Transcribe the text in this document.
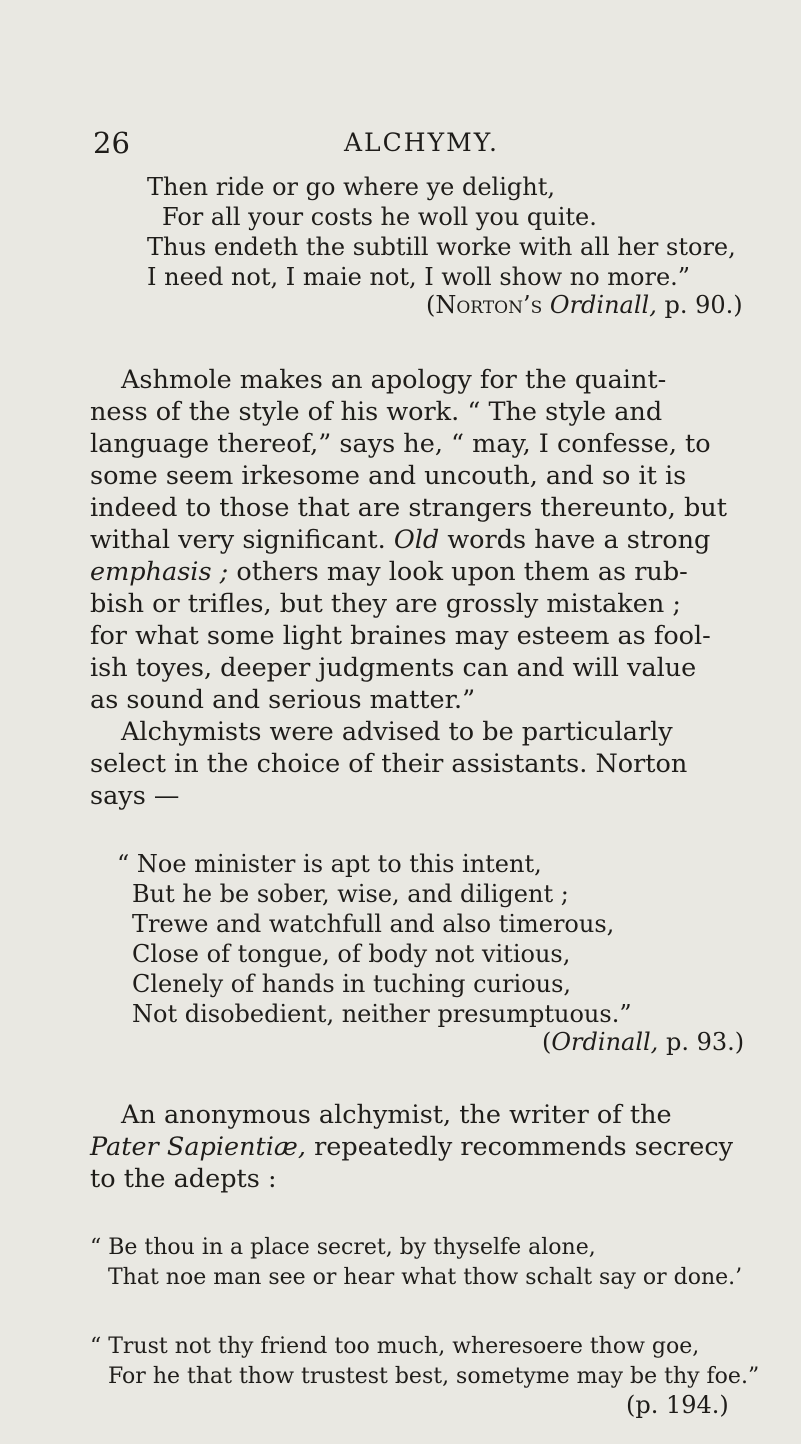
26	ALCHYMY.
Then ride or go where ye delight,
For all your costs he woll you quite.
Thus endeth the subtill worke with all her store,
I need not, I maie not, I woll show no more.”
(Norton’s Ordinall, p. 90.)
Ashmole makes an apology for the quaint-
ness of the style of his work. “ The style and
language thereof,” says he, “ may, I confesse, to
some seem irkesome and uncouth, and so it is
indeed to those that are strangers thereunto, but
withal very significant. Old words have a strong
emphasis ; others may look upon them as rub-
bish or trifles, but they are grossly mistaken ;
for what some light braines may esteem as fool-
ish toyes, deeper judgments can and will value
as sound and serious matter.”
Alchymists were advised to be particularly
select in the choice of their assistants. Norton
says —
“ Noe minister is apt to this intent,
But he be sober, wise, and diligent ;
Trewe and watchfull and also timerous,
Close of tongue, of body not vitious,
Clenely of hands in tuching curious,
Not disobedient, neither presumptuous.”
(Ordinall, p. 93.)
An anonymous alchymist, the writer of the
Pater Sapientiæ, repeatedly recommends secrecy
to the adepts :
“ Be thou in a place secret, by thyselfe alone,
That noe man see or hear what thow schalt say or done.’
“ Trust not thy friend too much, wheresoere thow goe,
For he that thow trustest best, sometyme may be thy foe.”
(p. 194.)
